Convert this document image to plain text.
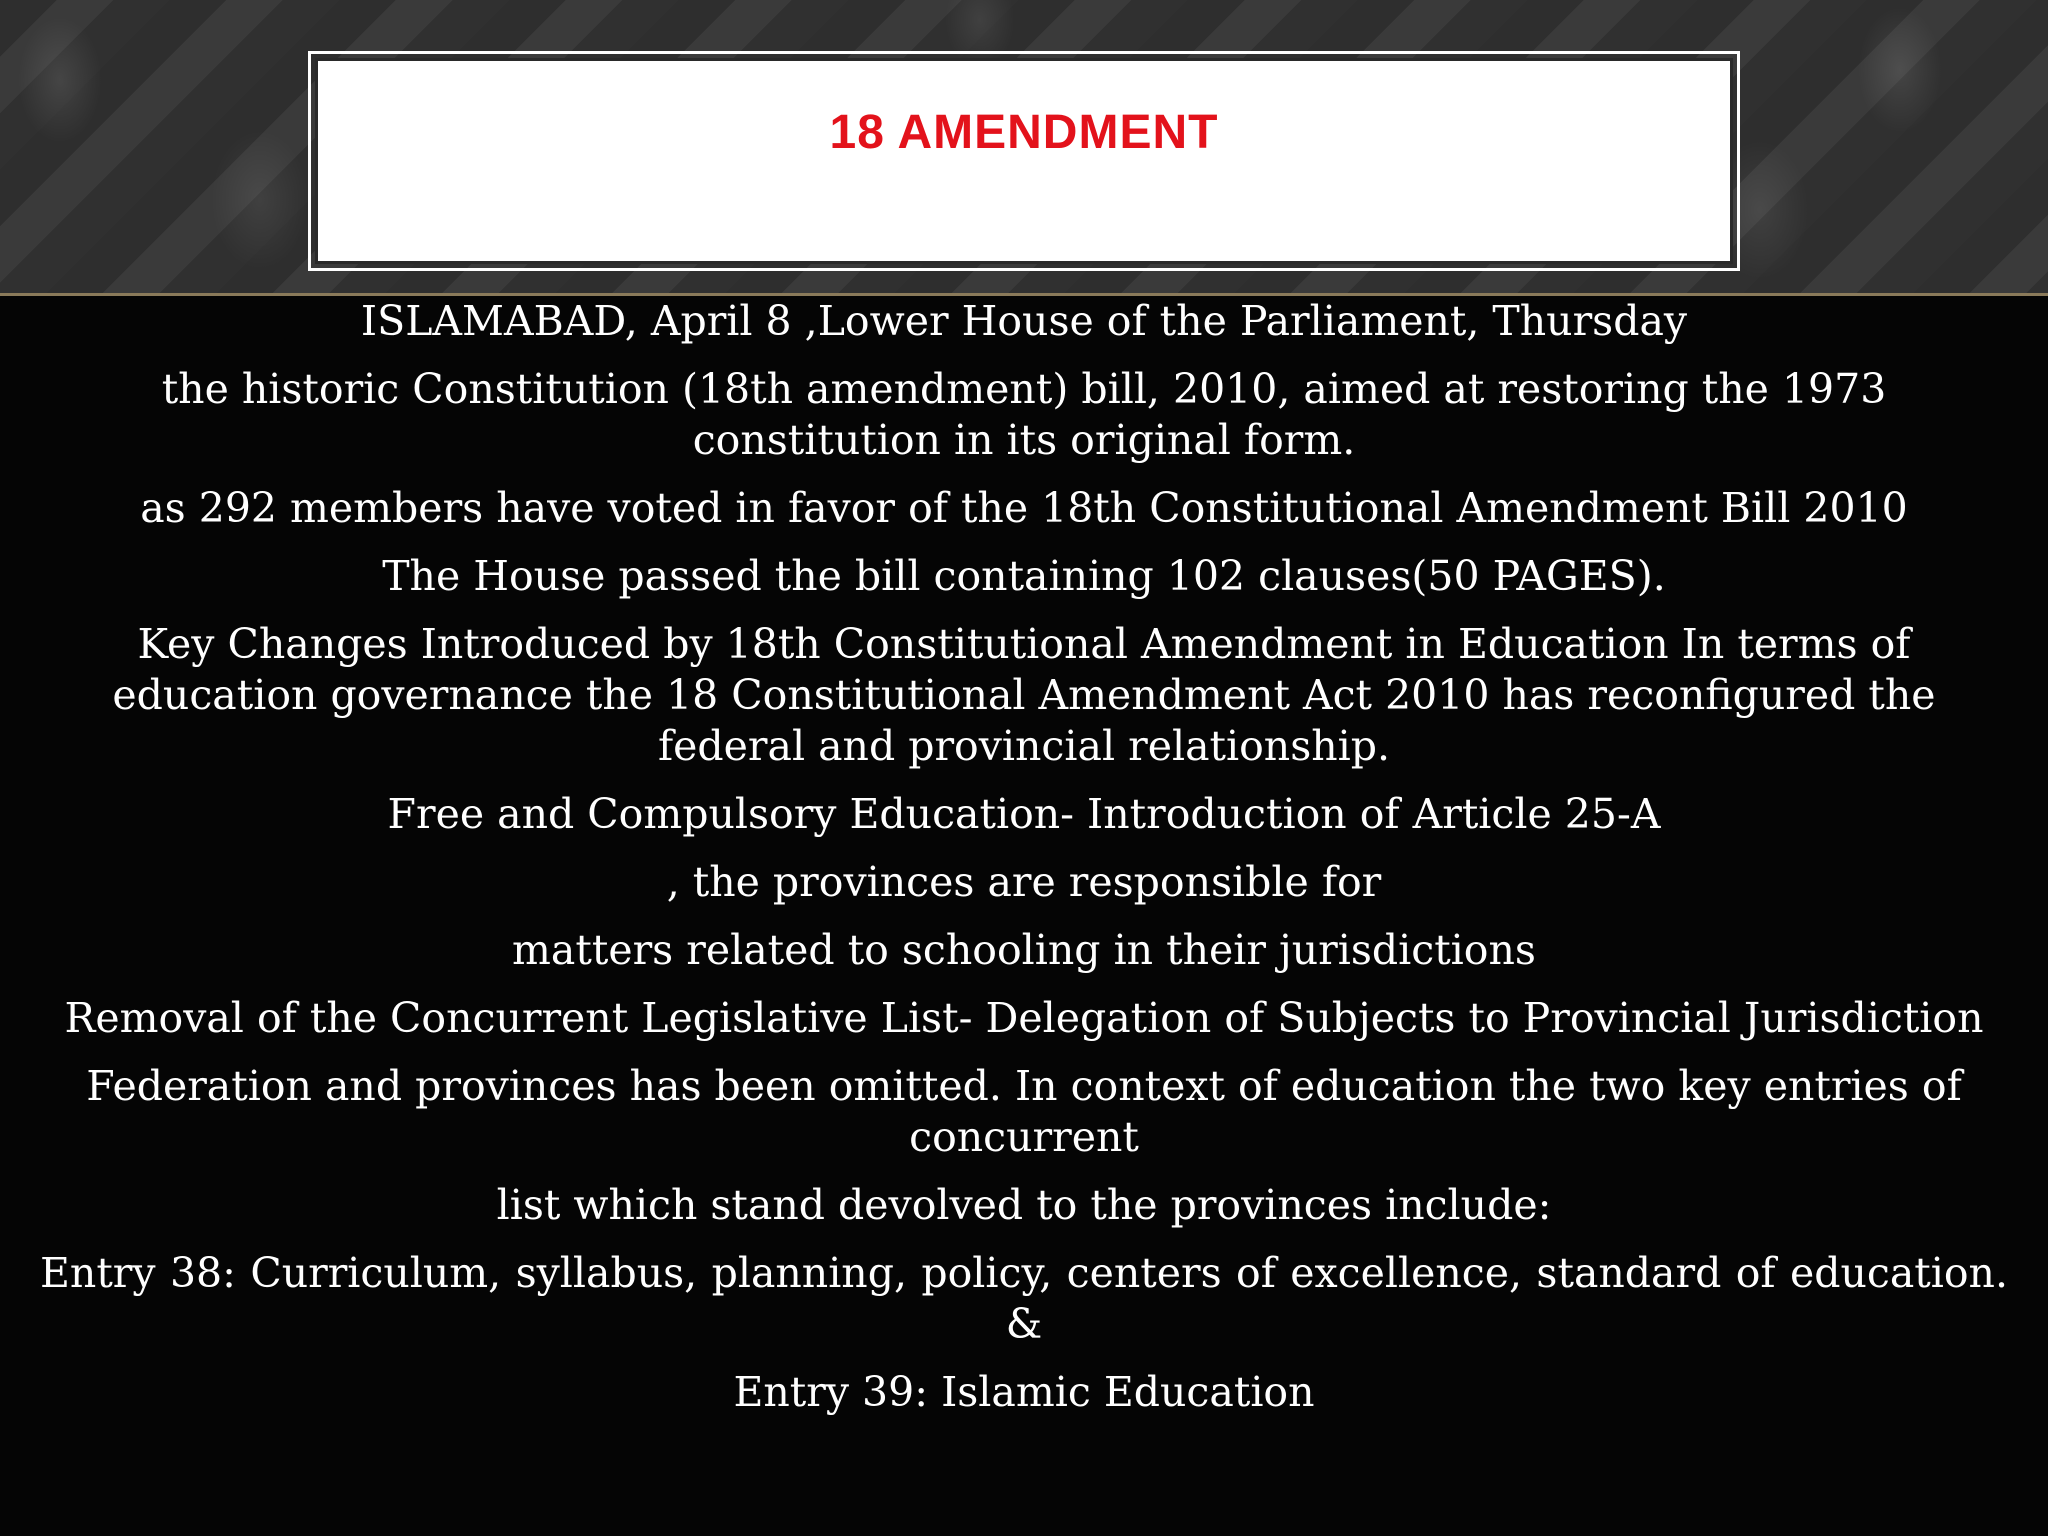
18 AMENDMENT

ISLAMABAD, April 8 ,Lower House of the Parliament, Thursday

the historic Constitution (18th amendment) bill, 2010, aimed at restoring the 1973 constitution in its original form.

as 292 members have voted in favor of the 18th Constitutional Amendment Bill 2010

The House passed the bill containing 102 clauses(50 PAGES).

Key Changes Introduced by 18th Constitutional Amendment in Education In terms of education governance the 18 Constitutional Amendment Act 2010 has reconfigured the federal and provincial relationship.

Free and Compulsory Education- Introduction of Article 25-A

, the provinces are responsible for

matters related to schooling in their jurisdictions

Removal of the Concurrent Legislative List- Delegation of Subjects to Provincial Jurisdiction

Federation and provinces has been omitted. In context of education the two key entries of concurrent

list which stand devolved to the provinces include:

Entry 38: Curriculum, syllabus, planning, policy, centers of excellence, standard of education. &

Entry 39: Islamic Education
